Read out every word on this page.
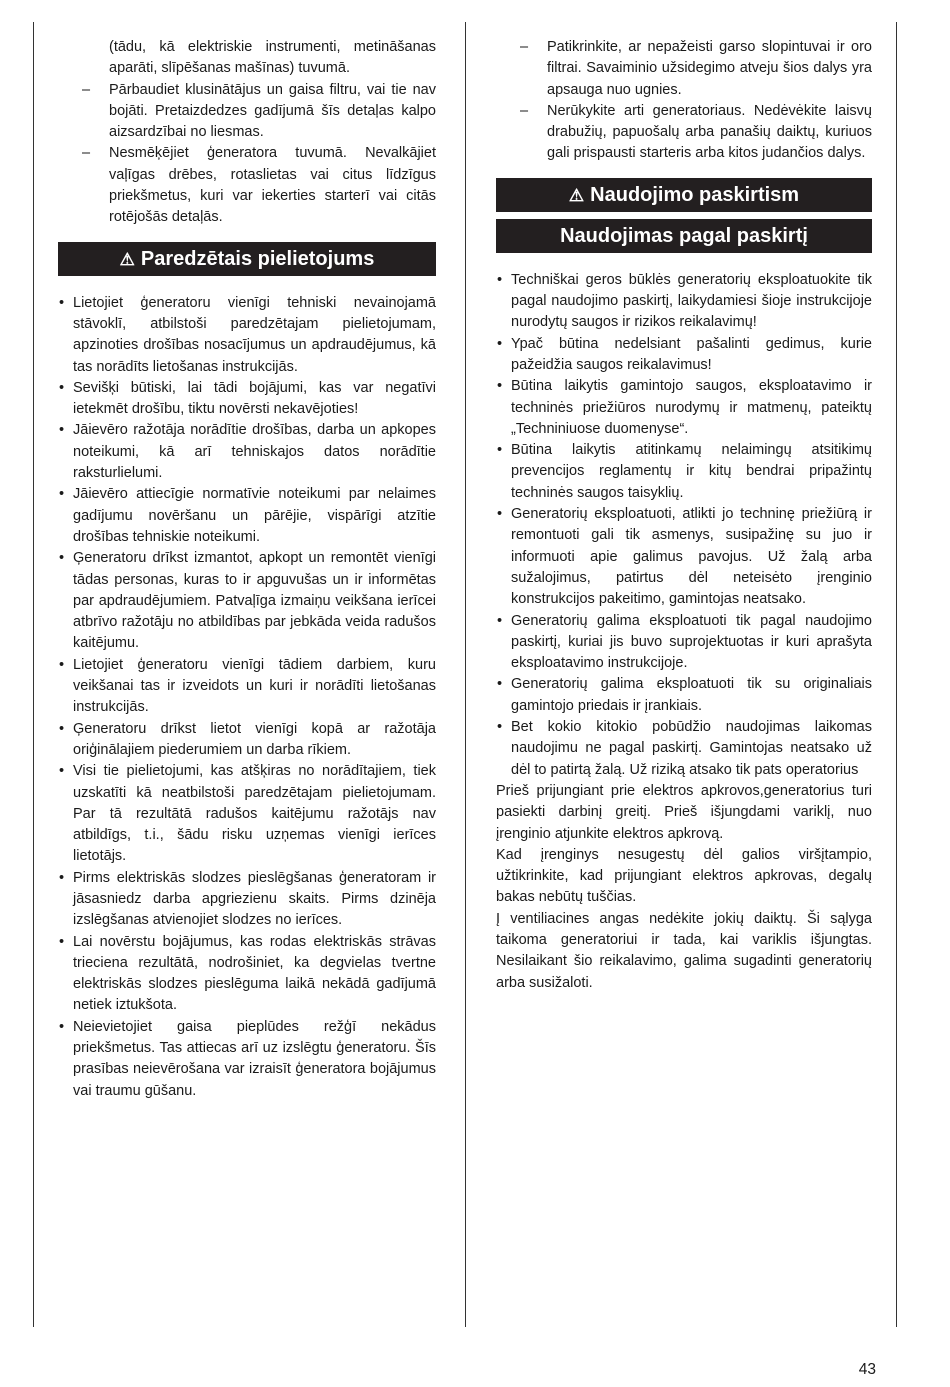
(tādu, kā elektriskie instrumenti, metināšanas aparāti, slīpēšanas mašīnas) tuvumā.
– Pārbaudiet klusinātājus un gaisa filtru, vai tie nav bojāti. Pretaizdedzes gadījumā šīs detaļas kalpo aizsardzībai no liesmas.
– Nesmēķējiet ģeneratora tuvumā. Nevalkājiet vaļīgas drēbes, rotaslietas vai citus līdzīgus priekšmetus, kuri var iekerties starterī vai citās rotējošās detaļās.
⚠ Paredzētais pielietojums
• Lietojiet ģeneratoru vienīgi tehniski nevainojamā stāvoklī, atbilstoši paredzētajam pielietojumam, apzinoties drošības nosacījumus un apdraudējumus, kā tas norādīts lietošanas instrukcijās.
• Sevišķi būtiski, lai tādi bojājumi, kas var negatīvi ietekmēt drošību, tiktu novērsti nekavējoties!
• Jāievēro ražotāja norādītie drošības, darba un apkopes noteikumi, kā arī tehniskajos datos norādītie raksturlielumi.
• Jāievēro attiecīgie normatīvie noteikumi par nelaimes gadījumu novēršanu un pārējie, vispārīgi atzītie drošības tehniskie noteikumi.
• Ģeneratoru drīkst izmantot, apkopt un remontēt vienīgi tādas personas, kuras to ir apguvušas un ir informētas par apdraudējumiem. Patvaļīga izmaiņu veikšana ierīcei atbrīvo ražotāju no atbildības par jebkāda veida radušos kaitējumu.
• Lietojiet ģeneratoru vienīgi tādiem darbiem, kuru veikšanai tas ir izveidots un kuri ir norādīti lietošanas instrukcijās.
• Ģeneratoru drīkst lietot vienīgi kopā ar ražotāja oriģinālajiem piederumiem un darba rīkiem.
• Visi tie pielietojumi, kas atšķiras no norādītajiem, tiek uzskatīti kā neatbilstoši paredzētajam pielietojumam. Par tā rezultātā radušos kaitējumu ražotājs nav atbildīgs, t.i., šādu risku uzņemas vienīgi ierīces lietotājs.
• Pirms elektriskās slodzes pieslēgšanas ģeneratoram ir jāsasniedz darba apgriezienu skaits. Pirms dzinēja izslēgšanas atvienojiet slodzes no ierīces.
• Lai novērstu bojājumus, kas rodas elektriskās strāvas trieciena rezultātā, nodrošiniet, ka degvielas tvertne elektriskās slodzes pieslēguma laikā nekādā gadījumā netiek iztukšota.
• Neievietojiet gaisa pieplūdes režģī nekādus priekšmetus. Tas attiecas arī uz izslēgtu ģeneratoru. Šīs prasības neievērošana var izraisīt ģeneratora bojājumus vai traumu gūšanu.
– Patikrinkite, ar nepažeisti garso slopintuvai ir oro filtrai. Savaiminio užsidegimo atveju šios dalys yra apsauga nuo ugnies.
– Nerūkykite arti generatoriaus. Nedėvėkite laisvų drabužių, papuošalų arba panašių daiktų, kuriuos gali prispausti starteris arba kitos judančios dalys.
⚠ Naudojimo paskirtism
Naudojimas pagal paskirtį
• Techniškai geros būklės generatorių eksploatuokite tik pagal naudojimo paskirtį, laikydamiesi šioje instrukcijoje nurodytų saugos ir rizikos reikalavimų!
• Ypač būtina nedelsiant pašalinti gedimus, kurie pažeidžia saugos reikalavimus!
• Būtina laikytis gamintojo saugos, eksploatavimo ir techninės priežiūros nurodymų ir matmenų, pateiktų „Techniniuose duomenyse“.
• Būtina laikytis atitinkamų nelaimingų atsitikimų prevencijos reglamentų ir kitų bendrai pripažintų techninės saugos taisyklių.
• Generatorių eksploatuoti, atlikti jo techninę priežiūrą ir remontuoti gali tik asmenys, susipažinę su juo ir informuoti apie galimus pavojus. Už žalą arba sužalojimus, patirtus dėl neteisėto įrenginio konstrukcijos pakeitimo, gamintojas neatsako.
• Generatorių galima eksploatuoti tik pagal naudojimo paskirtį, kuriai jis buvo suprojektuotas ir kuri aprašyta eksploatavimo instrukcijoje.
• Generatorių galima eksploatuoti tik su originaliais gamintojo priedais ir įrankiais.
• Bet kokio kitokio pobūdžio naudojimas laikomas naudojimu ne pagal paskirtį. Gamintojas neatsako už dėl to patirtą žalą. Už riziką atsako tik pats operatorius
Prieš prijungiant prie elektros apkrovos,generatorius turi pasiekti darbinį greitį. Prieš išjungdami variklį, nuo įrenginio atjunkite elektros apkrovą.
Kad įrenginys nesugestų dėl galios viršįtampio, užtikrinkite, kad prijungiant elektros apkrovas, degalų bakas nebūtų tuščias.
Į ventiliacines angas nedėkite jokių daiktų. Ši sąlyga taikoma generatoriui ir tada, kai variklis išjungtas. Nesilaikant šio reikalavimo, galima sugadinti generatorių arba susižaloti.
43
